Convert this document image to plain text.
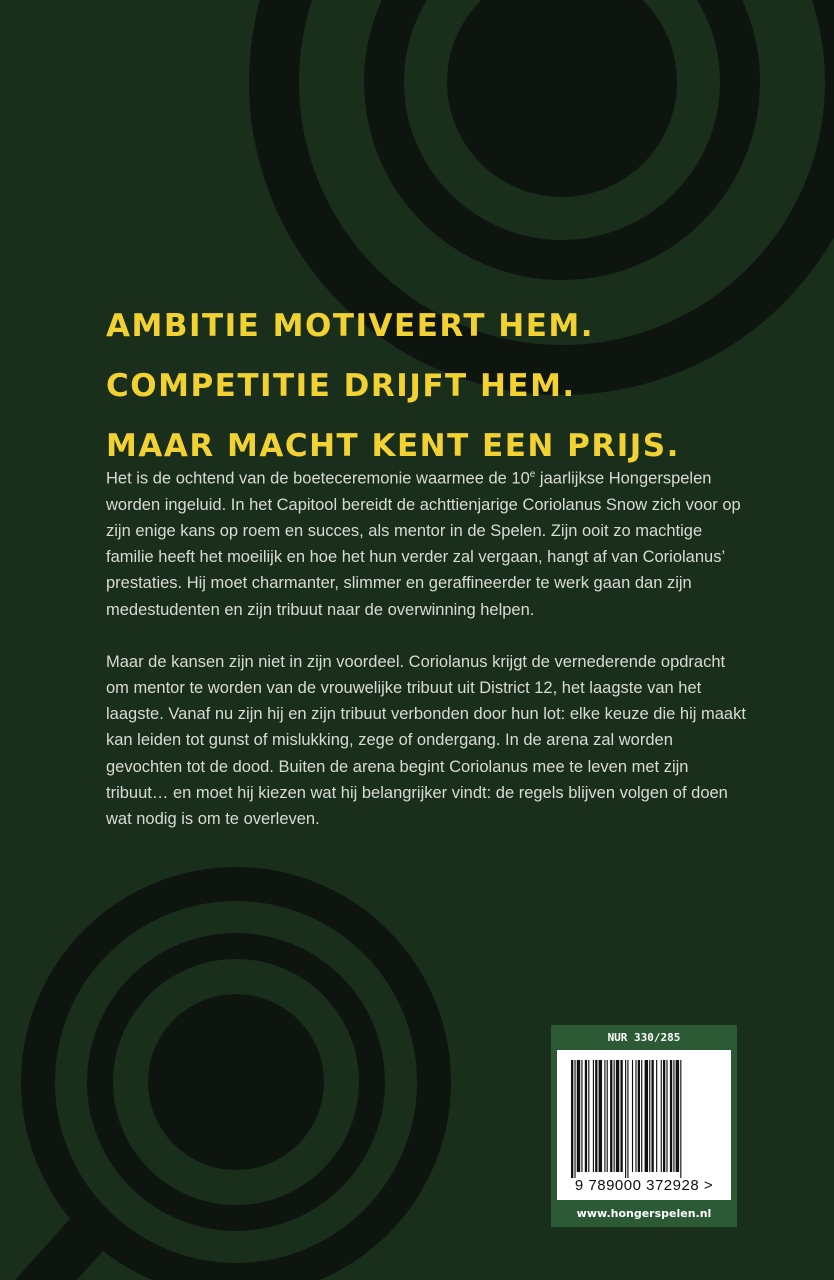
AMBITIE MOTIVEERT HEM.
COMPETITIE DRIJFT HEM.
MAAR MACHT KENT EEN PRIJS.

Het is de ochtend van de boeteceremonie waarmee de 10e jaarlijkse Hongerspelen worden ingeluid. In het Capitool bereidt de achttienjarige Coriolanus Snow zich voor op zijn enige kans op roem en succes, als mentor in de Spelen. Zijn ooit zo machtige familie heeft het moeilijk en hoe het hun verder zal vergaan, hangt af van Coriolanus’ prestaties. Hij moet charmanter, slimmer en geraffineerder te werk gaan dan zijn medestudenten en zijn tribuut naar de overwinning helpen.

Maar de kansen zijn niet in zijn voordeel. Coriolanus krijgt de vernederende opdracht om mentor te worden van de vrouwelijke tribuut uit District 12, het laagste van het laagste. Vanaf nu zijn hij en zijn tribuut verbonden door hun lot: elke keuze die hij maakt kan leiden tot gunst of mislukking, zege of ondergang. In de arena zal worden gevochten tot de dood. Buiten de arena begint Coriolanus mee te leven met zijn tribuut… en moet hij kiezen wat hij belangrijker vindt: de regels blijven volgen of doen wat nodig is om te overleven.

NUR 330/285
9 789000 372928 >
www.hongerspelen.nl
